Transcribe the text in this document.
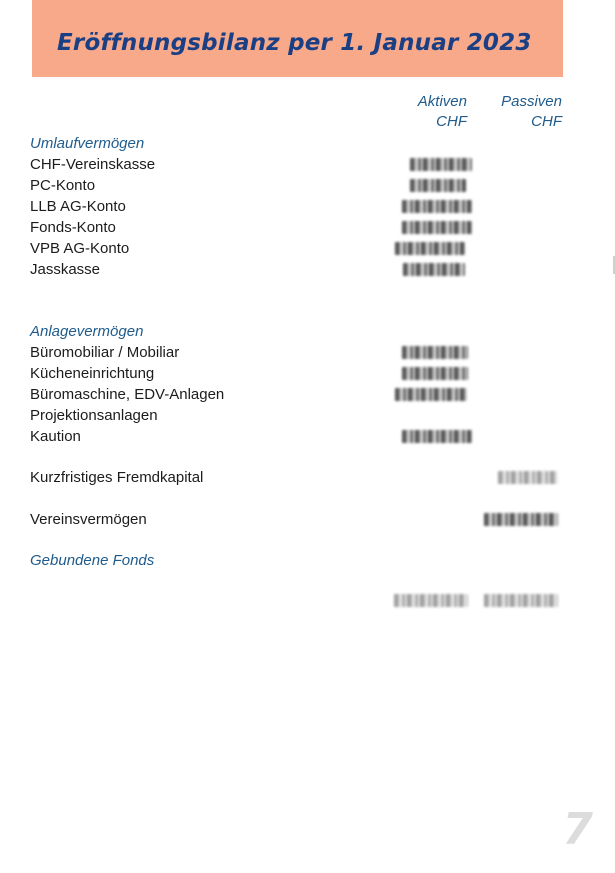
Eröffnungsbilanz per 1. Januar 2023
Aktiven
CHF
Passiven
CHF
Umlaufvermögen
CHF-Vereinskasse
PC-Konto
LLB AG-Konto
Fonds-Konto
VPB AG-Konto
Jasskasse
Anlagevermögen
Büromobiliar / Mobiliar
Kücheneinrichtung
Büromaschine, EDV-Anlagen
Projektionsanlagen
Kaution
Kurzfristiges Fremdkapital
Vereinsvermögen
Gebundene Fonds
7
